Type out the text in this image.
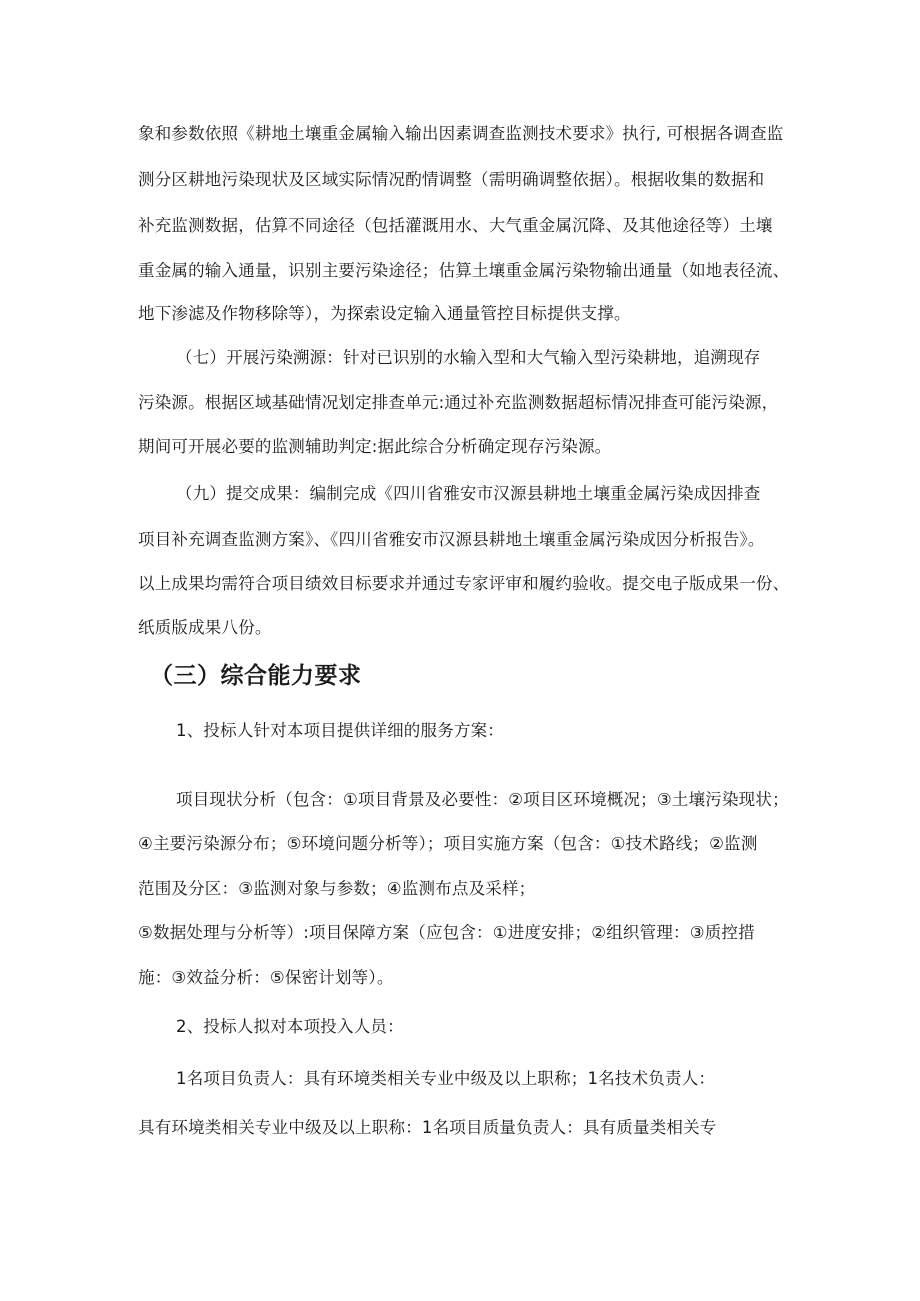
象和参数依照《耕地土壤重金属输入输出因素调查监测技术要求》执行, 可根据各调查监
测分区耕地污染现状及区域实际情况酌情调整（需明确调整依据）。根据收集的数据和
补充监测数据，估算不同途径（包括灌溉用水、大气重金属沉降、及其他途径等）土壤
重金属的输入通量，识别主要污染途径；估算土壤重金属污染物输出通量（如地表径流、
地下渗滤及作物移除等），为探索设定输入通量管控目标提供支撑。
（七）开展污染溯源：针对已识别的水输入型和大气输入型污染耕地，追溯现存
污染源。根据区域基础情况划定排查单元:通过补充监测数据超标情况排查可能污染源，
期间可开展必要的监测辅助判定:据此综合分析确定现存污染源。
（九）提交成果：编制完成《四川省雅安市汉源县耕地土壤重金属污染成因排查
项目补充调查监测方案》、《四川省雅安市汉源县耕地土壤重金属污染成因分析报告》。
以上成果均需符合项目绩效目标要求并通过专家评审和履约验收。提交电子版成果一份、
纸质版成果八份。
（三）综合能力要求
1、投标人针对本项目提供详细的服务方案：
项目现状分析（包含：①项目背景及必要性：②项目区环境概况；③土壤污染现状；
④主要污染源分布；⑤环境问题分析等）；项目实施方案（包含：①技术路线；②监测
范围及分区：③监测对象与参数；④监测布点及采样；
⑤数据处理与分析等）:项目保障方案（应包含：①进度安排；②组织管理：③质控措
施：③效益分析：⑤保密计划等）。
2、投标人拟对本项投入人员：
1名项目负责人：具有环境类相关专业中级及以上职称；1名技术负责人：
具有环境类相关专业中级及以上职称：1名项目质量负责人：具有质量类相关专
